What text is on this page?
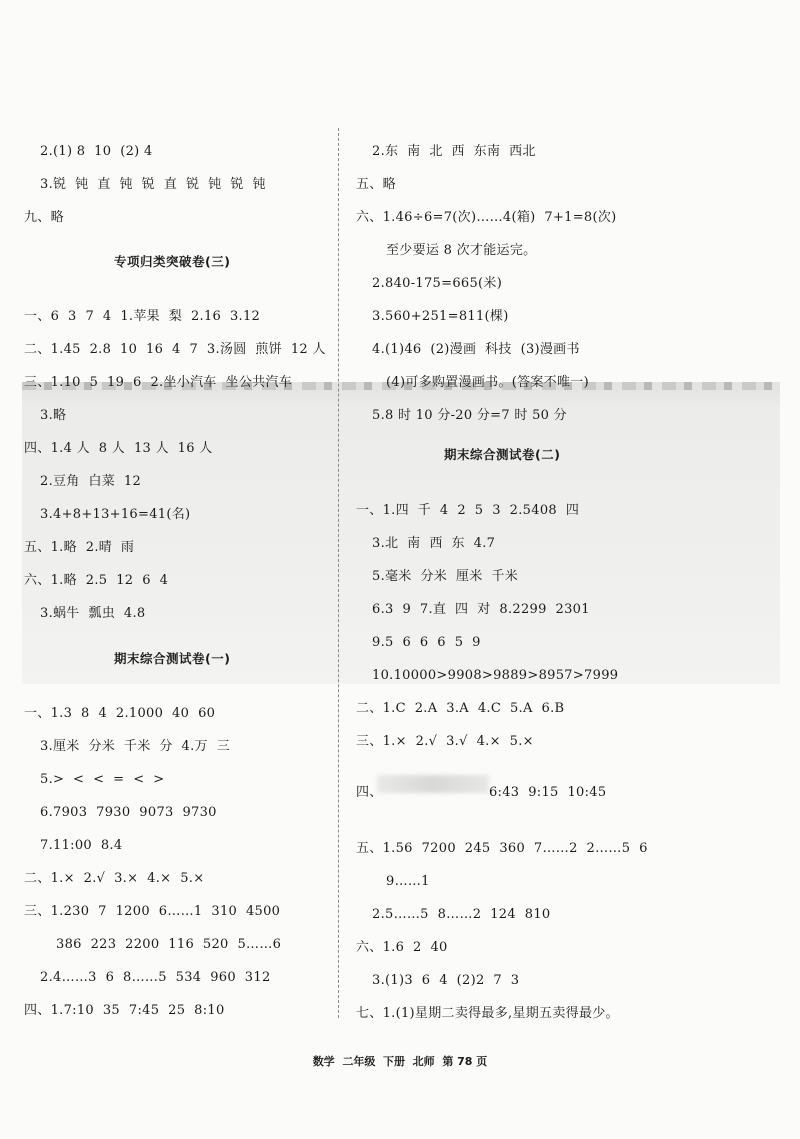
2.(1) 8  10  (2) 4
3.锐  钝  直  钝  锐  直  锐  钝  锐  钝
九、略
一、6  3  7  4  1.苹果  梨  2.16  3.12
二、1.45  2.8  10  16  4  7  3.汤圆  煎饼  12 人
三、1.10  5  19  6  2.坐小汽车  坐公共汽车
3.略
四、1.4 人  8 人  13 人  16 人
2.豆角  白菜  12
3.4+8+13+16=41(名)
五、1.略  2.晴  雨
六、1.略  2.5  12  6  4
3.蜗牛  瓢虫  4.8
一、1.3  8  4  2.1000  40  60
3.厘米  分米  千米  分  4.万  三
5.>  <  <  =  <  >
6.7903  7930  9073  9730
7.11:00  8.4
二、1.×  2.√  3.×  4.×  5.×
三、1.230  7  1200  6……1  310  4500
386  223  2200  116  520  5……6
2.4……3  6  8……5  534  960  312
四、1.7:10  35  7:45  25  8:10
专项归类突破卷(三)
期末综合测试卷(一)
2.东  南  北  西  东南  西北
五、略
六、1.46÷6=7(次)……4(箱)  7+1=8(次)
至少要运 8 次才能运完。
2.840-175=665(米)
3.560+251=811(棵)
4.(1)46  (2)漫画  科技  (3)漫画书
(4)可多购置漫画书。(答案不唯一)
5.8 时 10 分-20 分=7 时 50 分
一、1.四  千  4  2  5  3  2.5408  四
3.北  南  西  东  4.7
5.毫米  分米  厘米  千米
6.3  9  7.直  四  对  8.2299  2301
9.5  6  6  6  5  9
10.10000>9908>9889>8957>7999
二、1.C  2.A  3.A  4.C  5.A  6.B
三、1.×  2.√  3.√  4.×  5.×
四、                        6:43  9:15  10:45
五、1.56  7200  245  360  7……2  2……5  6
9……1
2.5……5  8……2  124  810
六、1.6  2  40
3.(1)3  6  4  (2)2  7  3
七、1.(1)星期二卖得最多,星期五卖得最少。
期末综合测试卷(二)
数学  二年级  下册  北师  第 78 页
